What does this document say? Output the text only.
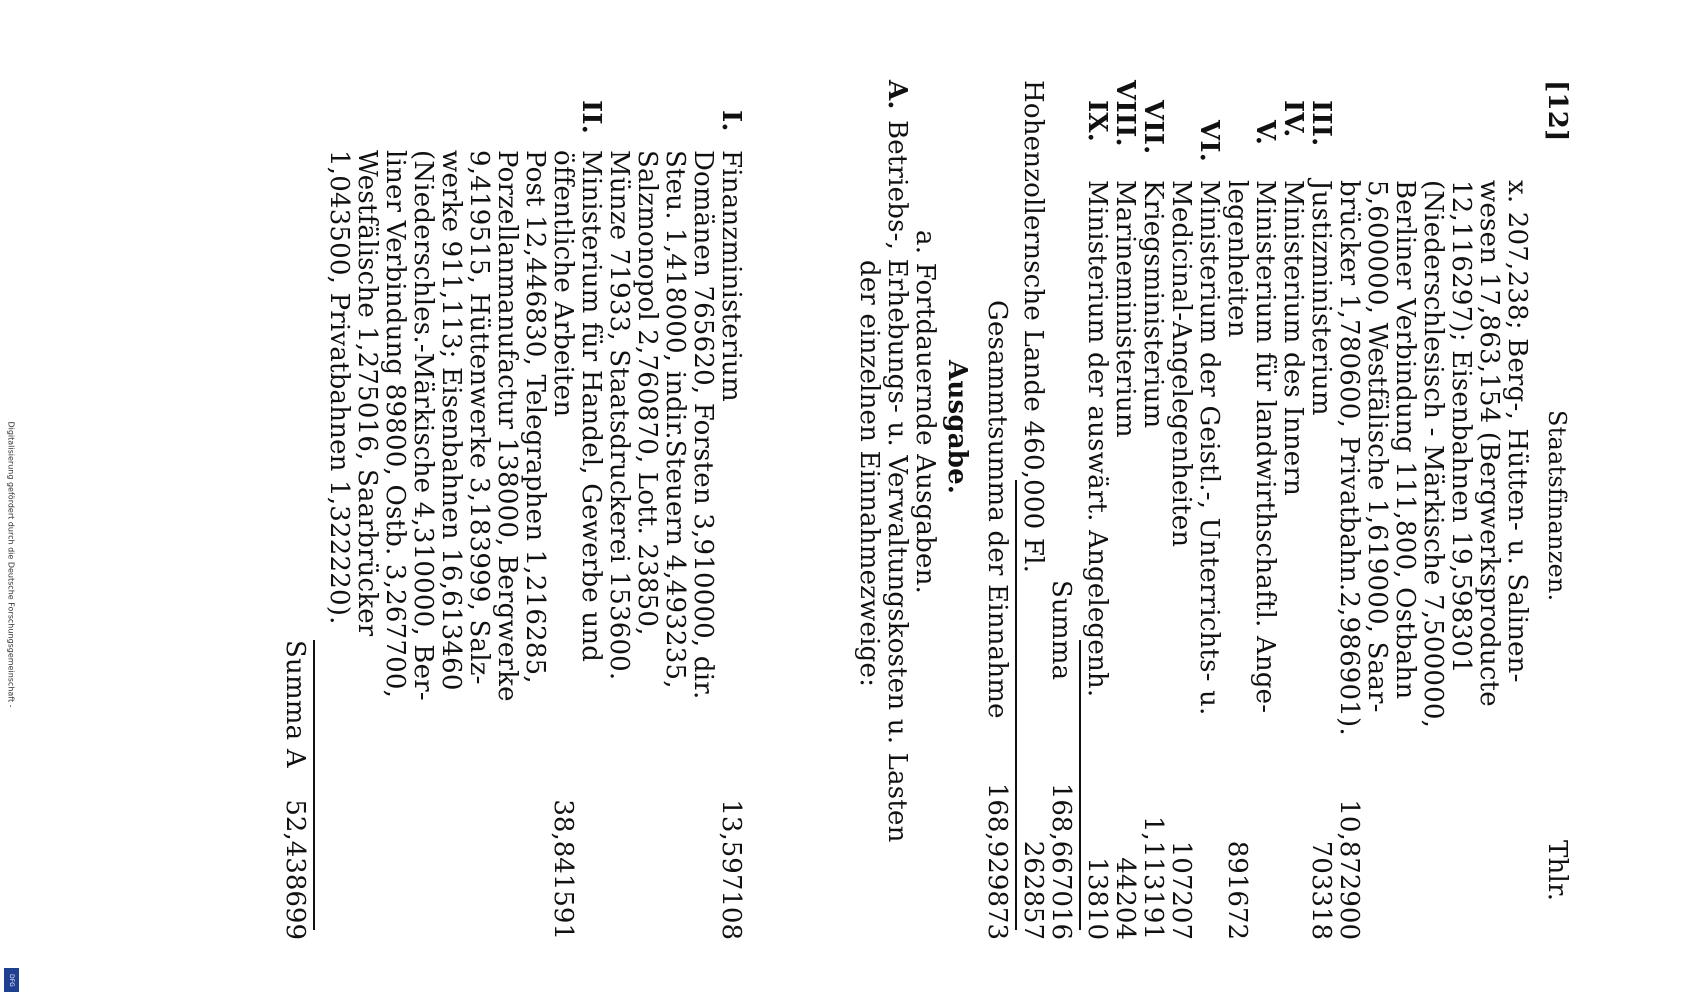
Digitalisierung gefördert durch die Deutsche Forschungsgemeinschaft -
DFG
[12]
Staatsfinanzen.
Thlr.
x. 207,238; Berg-, Hütten- u. Salinen-
wesen 17,863,154 (Bergwerksproducte
12,116297); Eisenbahnen 19,598301
(Niederschlesisch - Märkische 7,500000,
Berliner Verbindung 111,800, Ostbahn
5,600000, Westfälische 1,619000, Saar-
brücker 1,780600, Privatbahn.2,986901).
III.
Justizministerium
10,872900
703318
IV.
Ministerium des Innern
V.
Ministerium für landwirthschaftl. Ange-
legenheiten
891672
VI.
Ministerium der Geistl.-, Unterrichts- u.
Medicinal-Angelegenheiten
107207
VII.
Kriegsministerium
1,113191
VIII.
Marineministerium
44204
IX.
Ministerium der auswärt. Angelegenh.
13810
Summa
168,667016
Hohenzollernsche Lande 460,000 Fl.
262857
Gesammtsumma der Einnahme
168,929873
Ausgabe.
a. Fortdauernde Ausgaben.
A.
Betriebs-, Erhebungs- u. Verwaltungskosten u. Lasten
der einzelnen Einnahmezweige:
I.
Finanzministerium
Domänen 765620, Forsten 3,910000, dir.
Steu. 1,418000, indir.Steuern 4,493235,
Salzmonopol 2,760870, Lott. 23850,
Münze 71933, Staatsdruckerei 153600.
13,597108
II.
Ministerium für Handel, Gewerbe und
öffentliche Arbeiten
38,841591
Post 12,446830, Telegraphen 1,216285,
Porzellanmanufactur 138000, Bergwerke
9,419515, Hüttenwerke 3,183999, Salz-
werke 911,113; Eisenbahnen 16,613460
(Niederschles.-Märkische 4,310000, Ber-
liner Verbindung 89800, Ostb. 3,267700,
Westfälische 1,275016, Saarbrücker
1,043500, Privatbahnen 1,322220).
Summa A
52,438699
